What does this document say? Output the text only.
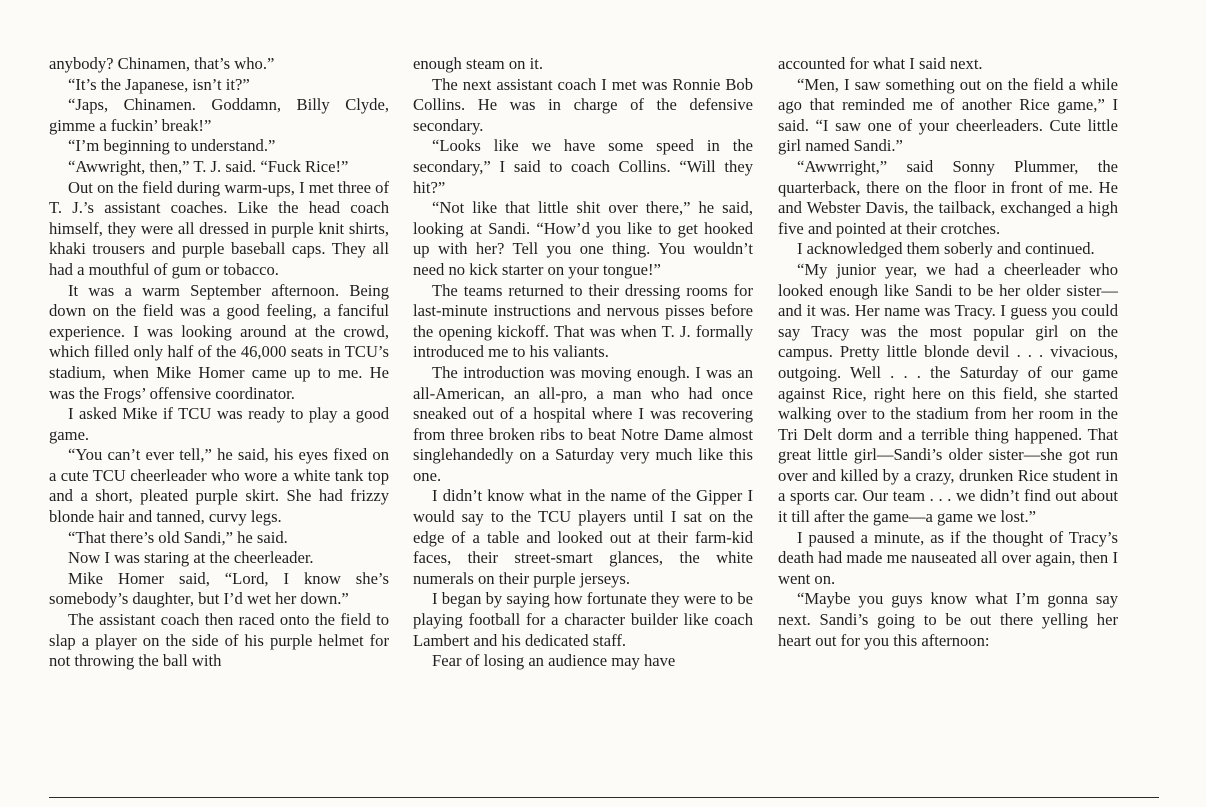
anybody? Chinamen, that’s who.”

“It’s the Japanese, isn’t it?”

“Japs, Chinamen. Goddamn, Billy Clyde, gimme a fuckin’ break!”

“I’m beginning to understand.”

“Awwright, then,” T. J. said. “Fuck Rice!”

Out on the field during warm-ups, I met three of T. J.’s assistant coaches. Like the head coach himself, they were all dressed in purple knit shirts, khaki trousers and purple baseball caps. They all had a mouthful of gum or tobacco.

It was a warm September afternoon. Being down on the field was a good feeling, a fanciful experience. I was looking around at the crowd, which filled only half of the 46,000 seats in TCU’s stadium, when Mike Homer came up to me. He was the Frogs’ offensive coordinator.

I asked Mike if TCU was ready to play a good game.

“You can’t ever tell,” he said, his eyes fixed on a cute TCU cheerleader who wore a white tank top and a short, pleated purple skirt. She had frizzy blonde hair and tanned, curvy legs.

“That there’s old Sandi,” he said.

Now I was staring at the cheerleader.

Mike Homer said, “Lord, I know she’s somebody’s daughter, but I’d wet her down.”

The assistant coach then raced onto the field to slap a player on the side of his purple helmet for not throwing the ball with

enough steam on it.

The next assistant coach I met was Ronnie Bob Collins. He was in charge of the defensive secondary.

“Looks like we have some speed in the secondary,” I said to coach Collins. “Will they hit?”

“Not like that little shit over there,” he said, looking at Sandi. “How’d you like to get hooked up with her? Tell you one thing. You wouldn’t need no kick starter on your tongue!”

The teams returned to their dressing rooms for last-minute instructions and nervous pisses before the opening kickoff. That was when T. J. formally introduced me to his valiants.

The introduction was moving enough. I was an all-American, an all-pro, a man who had once sneaked out of a hospital where I was recovering from three broken ribs to beat Notre Dame almost singlehandedly on a Saturday very much like this one.

I didn’t know what in the name of the Gipper I would say to the TCU players until I sat on the edge of a table and looked out at their farm-kid faces, their street-smart glances, the white numerals on their purple jerseys.

I began by saying how fortunate they were to be playing football for a character builder like coach Lambert and his dedicated staff.

Fear of losing an audience may have

accounted for what I said next.

“Men, I saw something out on the field a while ago that reminded me of another Rice game,” I said. “I saw one of your cheerleaders. Cute little girl named Sandi.”

“Awwrright,” said Sonny Plummer, the quarterback, there on the floor in front of me. He and Webster Davis, the tailback, exchanged a high five and pointed at their crotches.

I acknowledged them soberly and continued.

“My junior year, we had a cheerleader who looked enough like Sandi to be her older sister—and it was. Her name was Tracy. I guess you could say Tracy was the most popular girl on the campus. Pretty little blonde devil . . . vivacious, outgoing. Well . . . the Saturday of our game against Rice, right here on this field, she started walking over to the stadium from her room in the Tri Delt dorm and a terrible thing happened. That great little girl—Sandi’s older sister—she got run over and killed by a crazy, drunken Rice student in a sports car. Our team . . . we didn’t find out about it till after the game—a game we lost.”

I paused a minute, as if the thought of Tracy’s death had made me nauseated all over again, then I went on.

“Maybe you guys know what I’m gonna say next. Sandi’s going to be out there yelling her heart out for you this afternoon:
